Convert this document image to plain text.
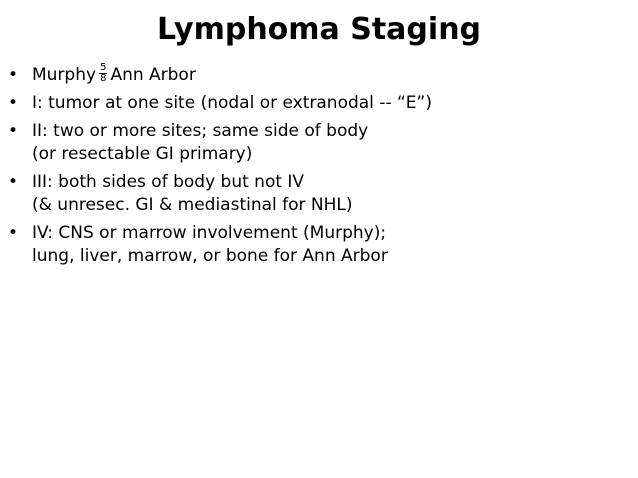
Lymphoma Staging
• Murphy $\frac{5}{8}$ Ann Arbor
• I: tumor at one site (nodal or extranodal -- “E”)
• II: two or more sites; same side of body
(or resectable GI primary)
• III: both sides of body but not IV
(& unresec. GI & mediastinal for NHL)
• IV: CNS or marrow involvement (Murphy);
lung, liver, marrow, or bone for Ann Arbor
